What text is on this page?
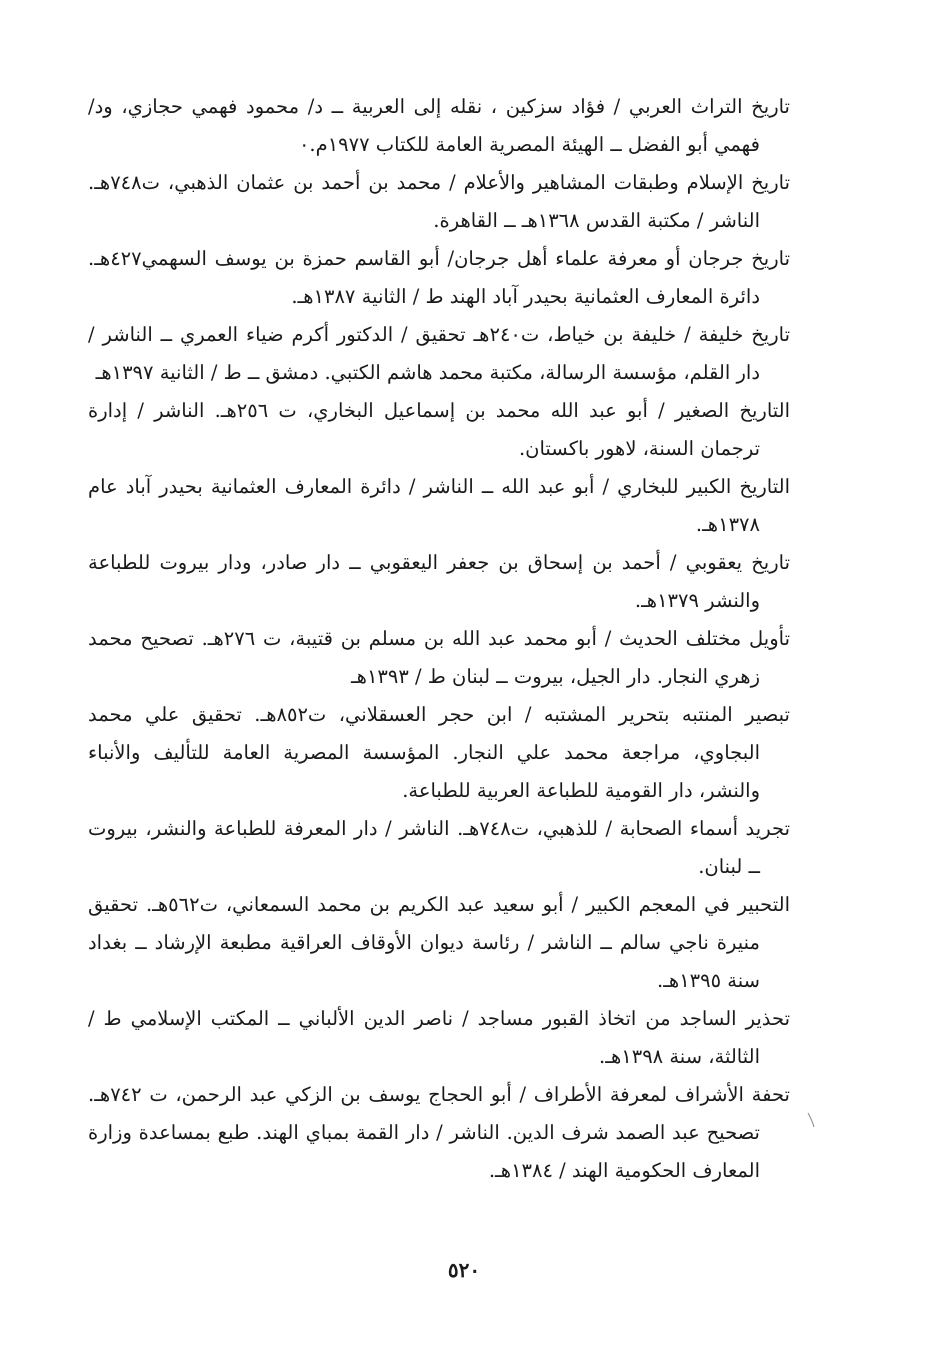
تاريخ التراث العربي / فؤاد سزكين ، نقله إلى العربية ــ د/ محمود فهمي حجازي، ود/ فهمي أبو الفضل ــ الهيئة المصرية العامة للكتاب ١٩٧٧م.٠

تاريخ الإسلام وطبقات المشاهير والأعلام / محمد بن أحمد بن عثمان الذهبي، ت٧٤٨هـ. الناشر / مكتبة القدس ١٣٦٨هـ ــ القاهرة.

تاريخ جرجان أو معرفة علماء أهل جرجان/ أبو القاسم حمزة بن يوسف السهمي٤٢٧هـ. دائرة المعارف العثمانية بحيدر آباد الهند ط / الثانية ١٣٨٧هـ.

تاريخ خليفة / خليفة بن خياط، ت٢٤٠هـ تحقيق / الدكتور أكرم ضياء العمري ــ الناشر / دار القلم، مؤسسة الرسالة، مكتبة محمد هاشم الكتبي. دمشق ــ ط / الثانية ١٣٩٧هـ

التاريخ الصغير / أبو عبد الله محمد بن إسماعيل البخاري، ت ٢٥٦هـ. الناشر / إدارة ترجمان السنة، لاهور باكستان.

التاريخ الكبير للبخاري / أبو عبد الله ــ الناشر / دائرة المعارف العثمانية بحيدر آباد عام ١٣٧٨هـ.

تاريخ يعقوبي / أحمد بن إسحاق بن جعفر اليعقوبي ــ دار صادر، ودار بيروت للطباعة والنشر ١٣٧٩هـ.

تأويل مختلف الحديث / أبو محمد عبد الله بن مسلم بن قتيبة، ت ٢٧٦هـ. تصحيح محمد زهري النجار. دار الجيل، بيروت ــ لبنان ط / ١٣٩٣هـ

تبصير المنتبه بتحرير المشتبه / ابن حجر العسقلاني، ت٨٥٢هـ. تحقيق علي محمد البجاوي، مراجعة محمد علي النجار. المؤسسة المصرية العامة للتأليف والأنباء والنشر، دار القومية للطباعة العربية للطباعة.

تجريد أسماء الصحابة / للذهبي، ت٧٤٨هـ. الناشر / دار المعرفة للطباعة والنشر، بيروت ــ لبنان.

التحبير في المعجم الكبير / أبو سعيد عبد الكريم بن محمد السمعاني، ت٥٦٢هـ. تحقيق منيرة ناجي سالم ــ الناشر / رئاسة ديوان الأوقاف العراقية مطبعة الإرشاد ــ بغداد سنة ١٣٩٥هـ.

تحذير الساجد من اتخاذ القبور مساجد / ناصر الدين الألباني ــ المكتب الإسلامي ط / الثالثة، سنة ١٣٩٨هـ.

تحفة الأشراف لمعرفة الأطراف / أبو الحجاج يوسف بن الزكي عبد الرحمن، ت ٧٤٢هـ. تصحيح عبد الصمد شرف الدين. الناشر / دار القمة بمباي الهند. طبع بمساعدة وزارة المعارف الحكومية الهند / ١٣٨٤هـ.

٥٢٠
